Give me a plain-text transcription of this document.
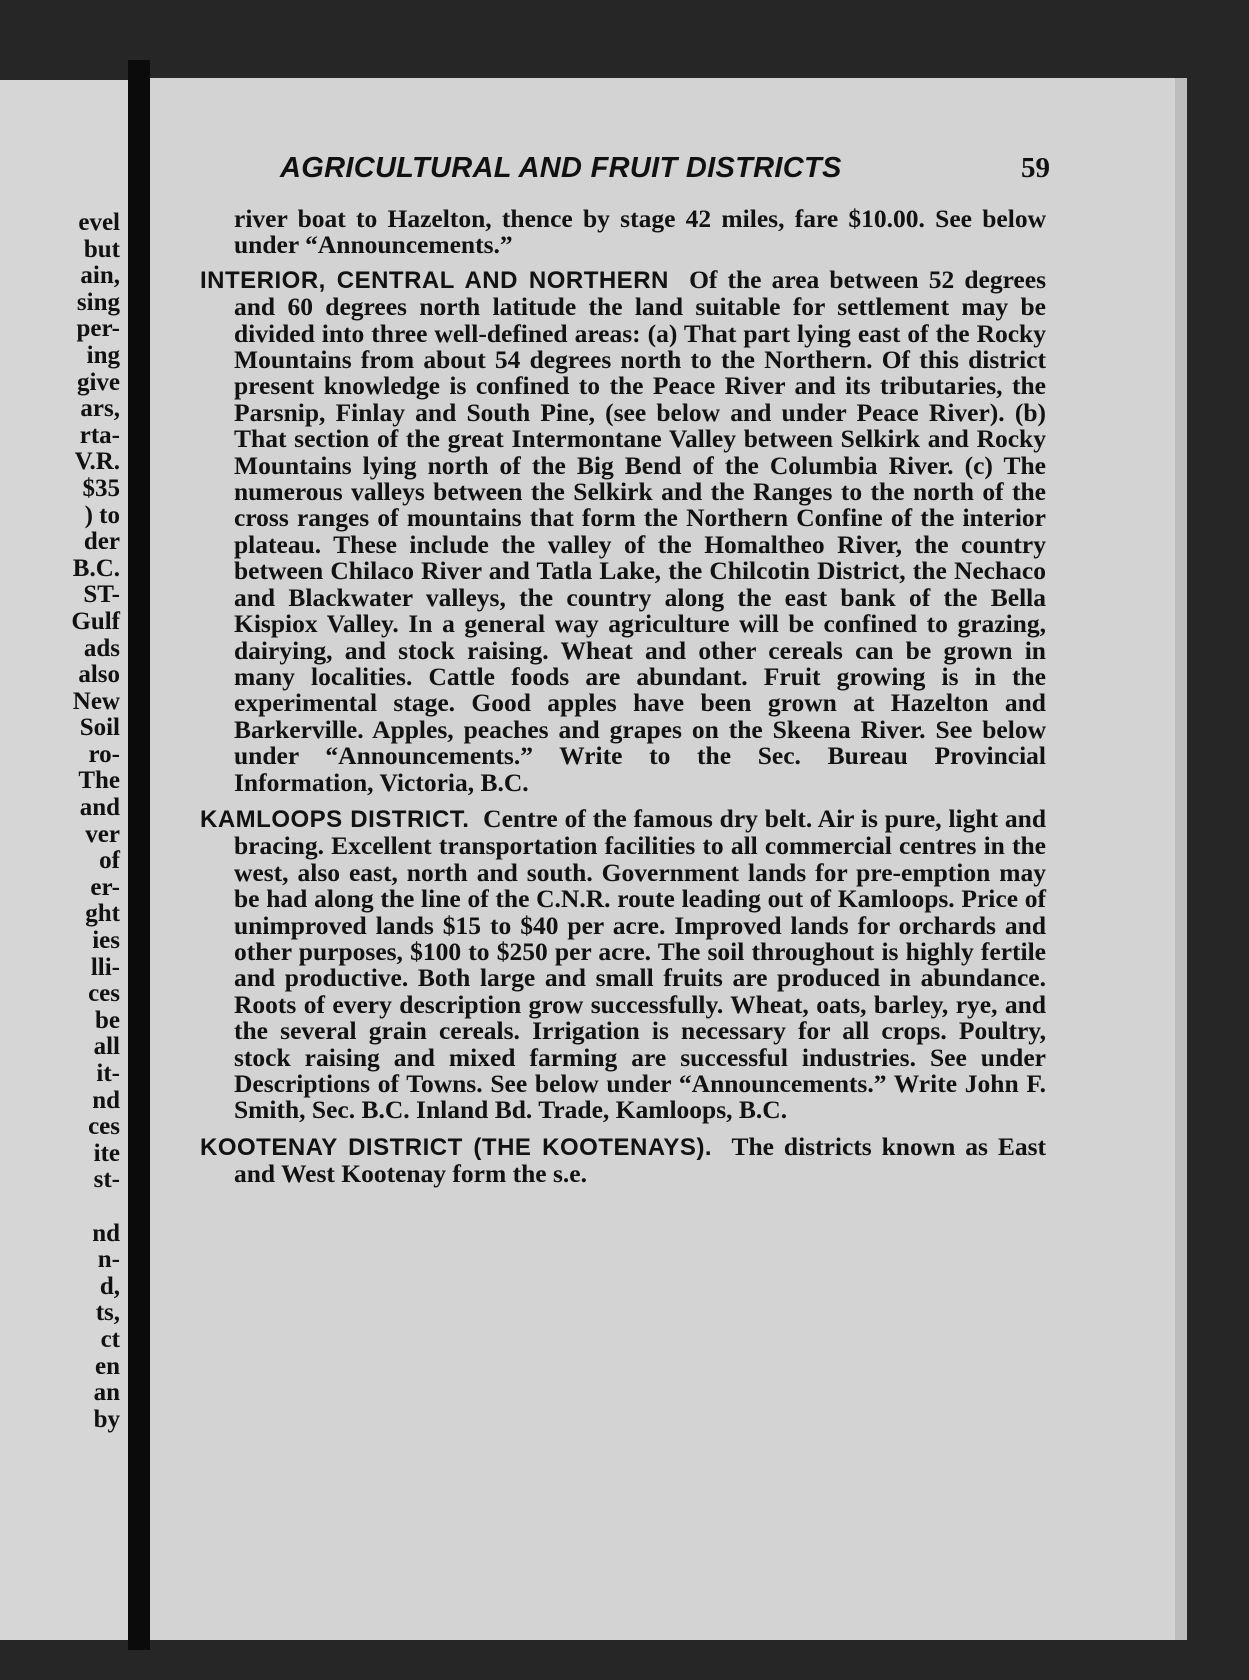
evel
but
ain,
sing
per-
ing
give
ars,
rta-
V.R.
$35
) to
der
B.C.
ST-
Gulf
ads
also
New
Soil
ro-
The
and
ver
of
er-
ght
ies
lli-
ces
be
all
it-
nd
ces
ite
st-

nd
n-
d,
ts,
ct
en
an
by
AGRICULTURAL AND FRUIT DISTRICTS	59

river boat to Hazelton, thence by stage 42 miles, fare $10.00. See below under “Announcements.”

INTERIOR, CENTRAL AND NORTHERN Of the area between 52 degrees and 60 degrees north latitude the land suitable for settlement may be divided into three well-defined areas: (a) That part lying east of the Rocky Mountains from about 54 degrees north to the Northern. Of this district present knowledge is confined to the Peace River and its tributaries, the Parsnip, Finlay and South Pine, (see below and under Peace River). (b) That section of the great Intermontane Valley between Selkirk and Rocky Mountains lying north of the Big Bend of the Columbia River. (c) The numerous valleys between the Selkirk and the Ranges to the north of the cross ranges of mountains that form the Northern Confine of the interior plateau. These include the valley of the Homaltheo River, the country between Chilaco River and Tatla Lake, the Chilcotin District, the Nechaco and Blackwater valleys, the country along the east bank of the Bella Kispiox Valley. In a general way agriculture will be confined to grazing, dairying, and stock raising. Wheat and other cereals can be grown in many localities. Cattle foods are abundant. Fruit growing is in the experimental stage. Good apples have been grown at Hazelton and Barkerville. Apples, peaches and grapes on the Skeena River. See below under “Announcements.” Write to the Sec. Bureau Provincial Information, Victoria, B.C.

KAMLOOPS DISTRICT. Centre of the famous dry belt. Air is pure, light and bracing. Excellent transportation facilities to all commercial centres in the west, also east, north and south. Government lands for pre-emption may be had along the line of the C.N.R. route leading out of Kamloops. Price of unimproved lands $15 to $40 per acre. Improved lands for orchards and other purposes, $100 to $250 per acre. The soil throughout is highly fertile and productive. Both large and small fruits are produced in abundance. Roots of every description grow successfully. Wheat, oats, barley, rye, and the several grain cereals. Irrigation is necessary for all crops. Poultry, stock raising and mixed farming are successful industries. See under Descriptions of Towns. See below under “Announcements.” Write John F. Smith, Sec. B.C. Inland Bd. Trade, Kamloops, B.C.

KOOTENAY DISTRICT (THE KOOTENAYS). The districts known as East and West Kootenay form the s.e.
